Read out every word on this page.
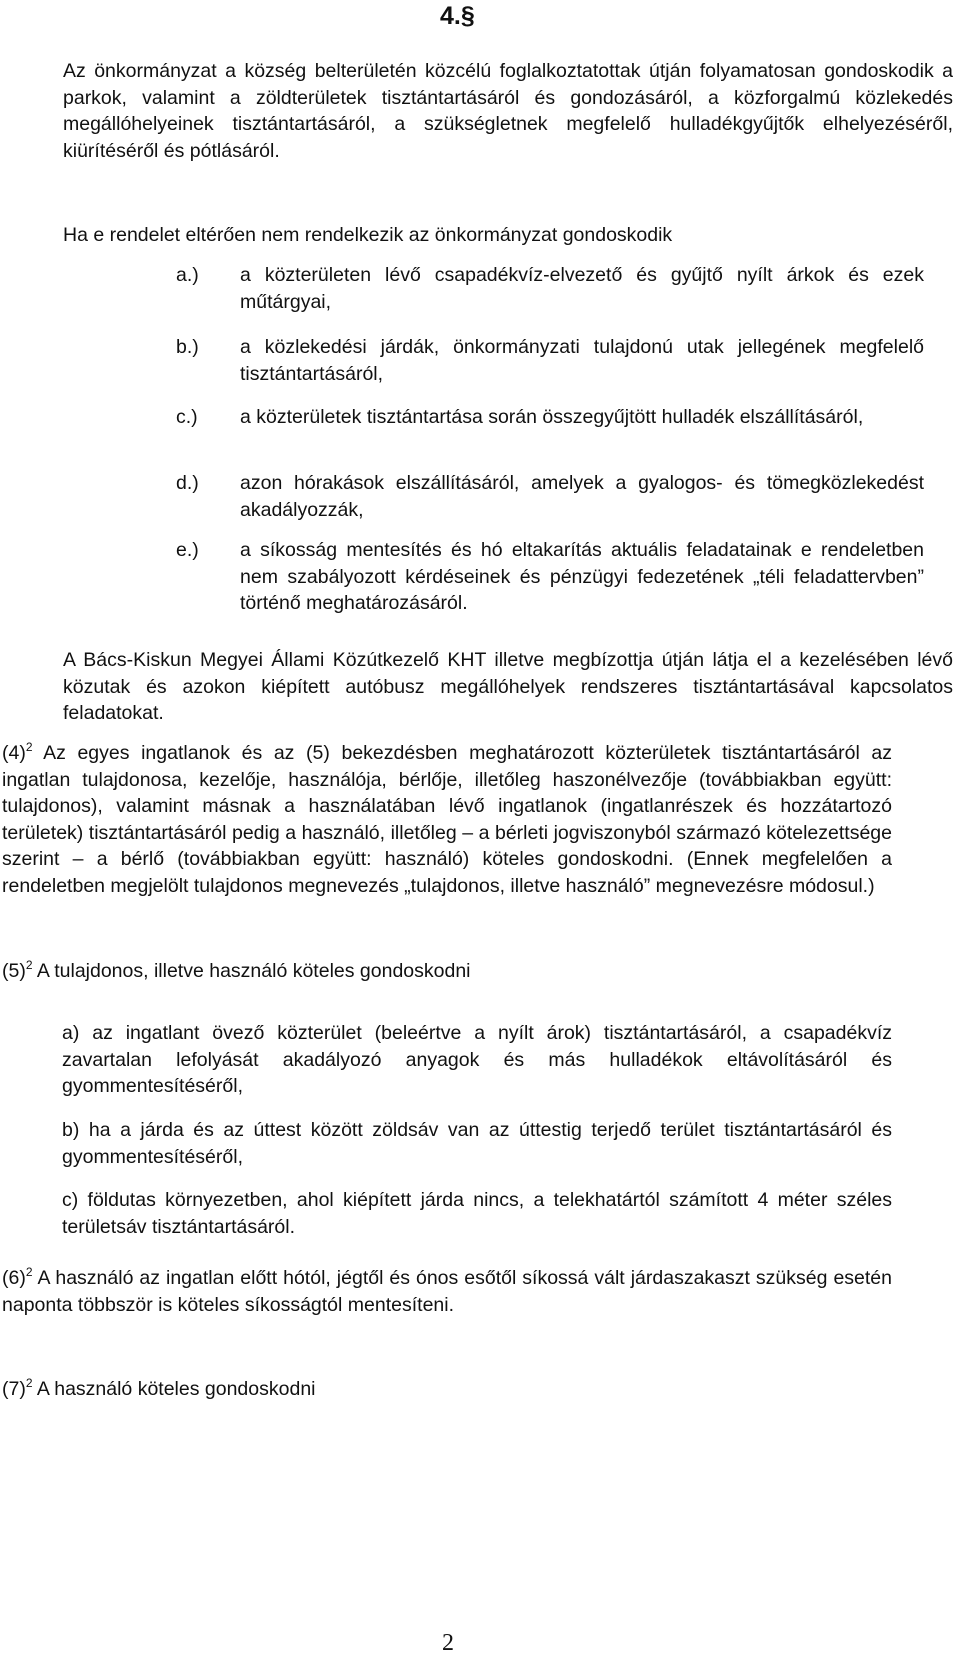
4.§

Az önkormányzat a község belterületén közcélú foglalkoztatottak útján folyamatosan gondoskodik a parkok, valamint a zöldterületek tisztántartásáról és gondozásáról, a közforgalmú közlekedés megállóhelyeinek tisztántartásáról, a szükségletnek megfelelő hulladékgyűjtők elhelyezéséről, kiürítéséről és pótlásáról.

Ha e rendelet eltérően nem rendelkezik az önkormányzat gondoskodik

a.) a közterületen lévő csapadékvíz-elvezető és gyűjtő nyílt árkok és ezek műtárgyai,

b.) a közlekedési járdák, önkormányzati tulajdonú utak jellegének megfelelő tisztántartásáról,

c.) a közterületek tisztántartása során összegyűjtött hulladék elszállításáról,

d.) azon hórakások elszállításáról, amelyek a gyalogos- és tömegközlekedést akadályozzák,

e.) a síkosság mentesítés és hó eltakarítás aktuális feladatainak e rendeletben nem szabályozott kérdéseinek és pénzügyi fedezetének „téli feladattervben” történő meghatározásáról.

A Bács-Kiskun Megyei Állami Közútkezelő KHT illetve megbízottja útján látja el a kezelésében lévő közutak és azokon kiépített autóbusz megállóhelyek rendszeres tisztántartásával kapcsolatos feladatokat.

$(4)^2$ Az egyes ingatlanok és az (5) bekezdésben meghatározott közterületek tisztántartásáról az ingatlan tulajdonosa, kezelője, használója, bérlője, illetőleg haszonélvezője (továbbiakban együtt: tulajdonos), valamint másnak a használatában lévő ingatlanok (ingatlanrészek és hozzátartozó területek) tisztántartásáról pedig a használó, illetőleg – a bérleti jogviszonyból származó kötelezettsége szerint – a bérlő (továbbiakban együtt: használó) köteles gondoskodni. (Ennek megfelelően a rendeletben megjelölt tulajdonos megnevezés „tulajdonos, illetve használó” megnevezésre módosul.)

$(5)^2$ A tulajdonos, illetve használó köteles gondoskodni

a) az ingatlant övező közterület (beleértve a nyílt árok) tisztántartásáról, a csapadékvíz zavartalan lefolyását akadályozó anyagok és más hulladékok eltávolításáról és gyommentesítéséről,

b) ha a járda és az úttest között zöldsáv van az úttestig terjedő terület tisztántartásáról és gyommentesítéséről,

c) földutas környezetben, ahol kiépített járda nincs, a telekhatártól számított 4 méter széles területsáv tisztántartásáról.

$(6)^2$ A használó az ingatlan előtt hótól, jégtől és ónos esőtől síkossá vált járdaszakaszt szükség esetén naponta többször is köteles síkosságtól mentesíteni.

$(7)^2$ A használó köteles gondoskodni

2
